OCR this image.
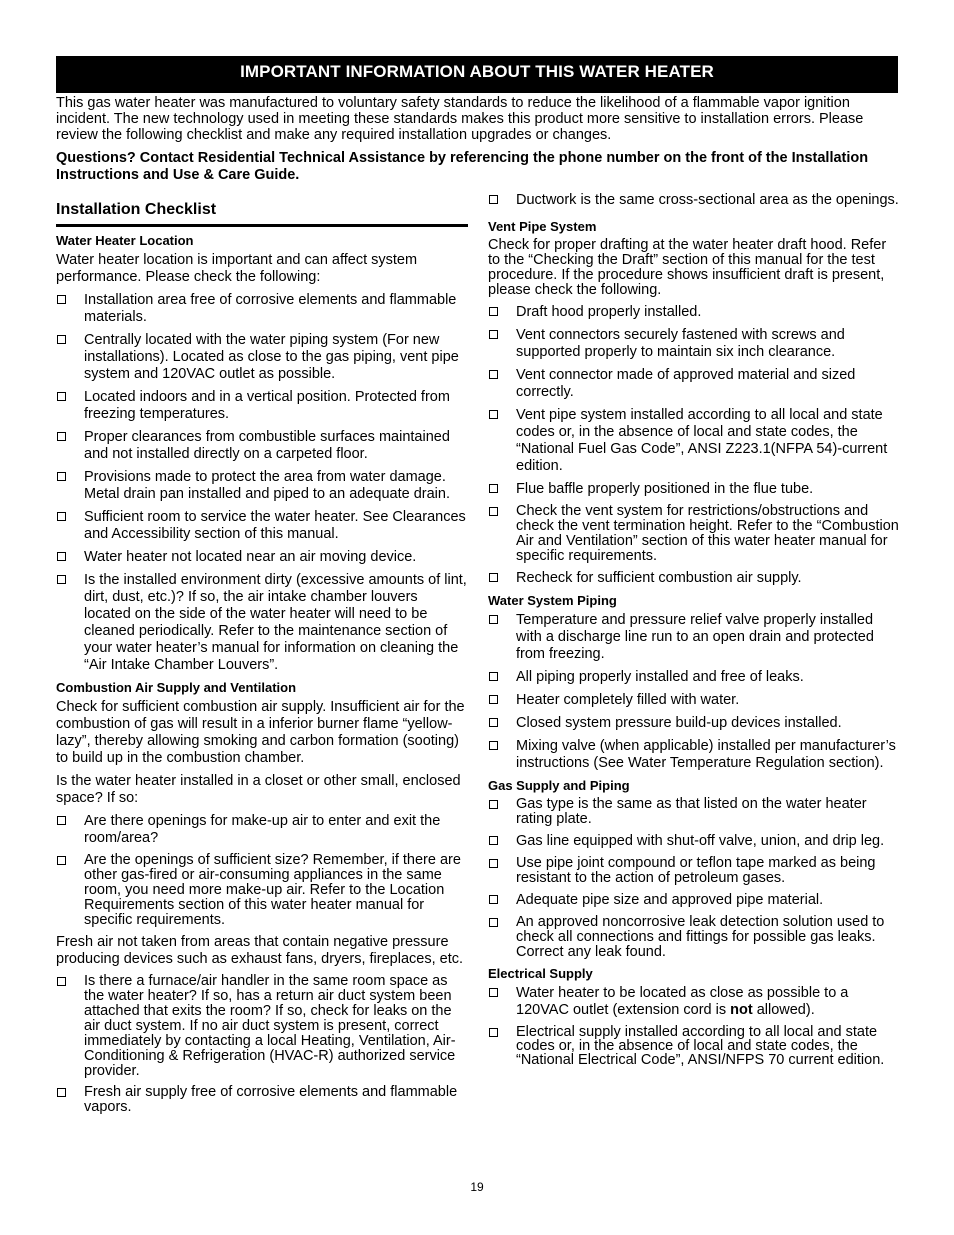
IMPORTANT INFORMATION ABOUT THIS WATER HEATER

This gas water heater was manufactured to voluntary safety standards to reduce the likelihood of a flammable vapor ignition incident. The new technology used in meeting these standards makes this product more sensitive to installation errors. Please review the following checklist and make any required installation upgrades or changes.

Questions? Contact Residential Technical Assistance by referencing the phone number on the front of the Installation Instructions and Use & Care Guide.

Installation Checklist
Water Heater Location

Water heater location is important and can affect system performance. Please check the following:

Installation area free of corrosive elements and flammable materials.
Centrally located with the water piping system (For new installations). Located as close to the gas piping, vent pipe system and 120VAC outlet as possible.
Located indoors and in a vertical position. Protected from freezing temperatures.
Proper clearances from combustible surfaces maintained and not installed directly on a carpeted floor.
Provisions made to protect the area from water damage. Metal drain pan installed and piped to an adequate drain.
Sufficient room to service the water heater. See Clearances and Accessibility section of this manual.
Water heater not located near an air moving device.
Is the installed environment dirty (excessive amounts of lint, dirt, dust, etc.)? If so, the air intake chamber louvers located on the side of the water heater will need to be cleaned periodically. Refer to the maintenance section of your water heater’s manual for information on cleaning the “Air Intake Chamber Louvers”.
Combustion Air Supply and Ventilation

Check for sufficient combustion air supply. Insufficient air for the combustion of gas will result in a inferior burner flame “yellow-lazy”, thereby allowing smoking and carbon formation (sooting) to build up in the combustion chamber.

Is the water heater installed in a closet or other small, enclosed space? If so:

Are there openings for make-up air to enter and exit the room/area?
Are the openings of sufficient size? Remember, if there are other gas-fired or air-consuming appliances in the same room, you need more make-up air. Refer to the Location Requirements section of this water heater manual for specific requirements.

Fresh air not taken from areas that contain negative pressure producing devices such as exhaust fans, dryers, fireplaces, etc.

Is there a furnace/air handler in the same room space as the water heater? If so, has a return air duct system been attached that exits the room? If so, check for leaks on the air duct system. If no air duct system is present, correct immediately by contacting a local Heating, Ventilation, Air-Conditioning & Refrigeration (HVAC-R) authorized service provider.
Fresh air supply free of corrosive elements and flammable vapors.
Ductwork is the same cross-sectional area as the openings.
Vent Pipe System

Check for proper drafting at the water heater draft hood. Refer to the “Checking the Draft” section of this manual for the test procedure. If the procedure shows insufficient draft is present, please check the following.

Draft hood properly installed.
Vent connectors securely fastened with screws and supported properly to maintain six inch clearance.
Vent connector made of approved material and sized correctly.
Vent pipe system installed according to all local and state codes or, in the absence of local and state codes, the “National Fuel Gas Code”, ANSI Z223.1(NFPA 54)-current edition.
Flue baffle properly positioned in the flue tube.
Check the vent system for restrictions/obstructions and check the vent termination height. Refer to the “Combustion Air and Ventilation” section of this water heater manual for specific requirements.
Recheck for sufficient combustion air supply.
Water System Piping
Temperature and pressure relief valve properly installed with a discharge line run to an open drain and protected from freezing.
All piping properly installed and free of leaks.
Heater completely filled with water.
Closed system pressure build-up devices installed.
Mixing valve (when applicable) installed per manufacturer’s instructions (See Water Temperature Regulation section).
Gas Supply and Piping
Gas type is the same as that listed on the water heater rating plate.
Gas line equipped with shut-off valve, union, and drip leg.
Use pipe joint compound or teflon tape marked as being resistant to the action of petroleum gases.
Adequate pipe size and approved pipe material.
An approved noncorrosive leak detection solution used to check all connections and fittings for possible gas leaks. Correct any leak found.
Electrical Supply
Water heater to be located as close as possible to a 120VAC outlet (extension cord is not allowed).
Electrical supply installed according to all local and state codes or, in the absence of local and state codes, the “National Electrical Code”, ANSI/NFPS 70 current edition.
19
